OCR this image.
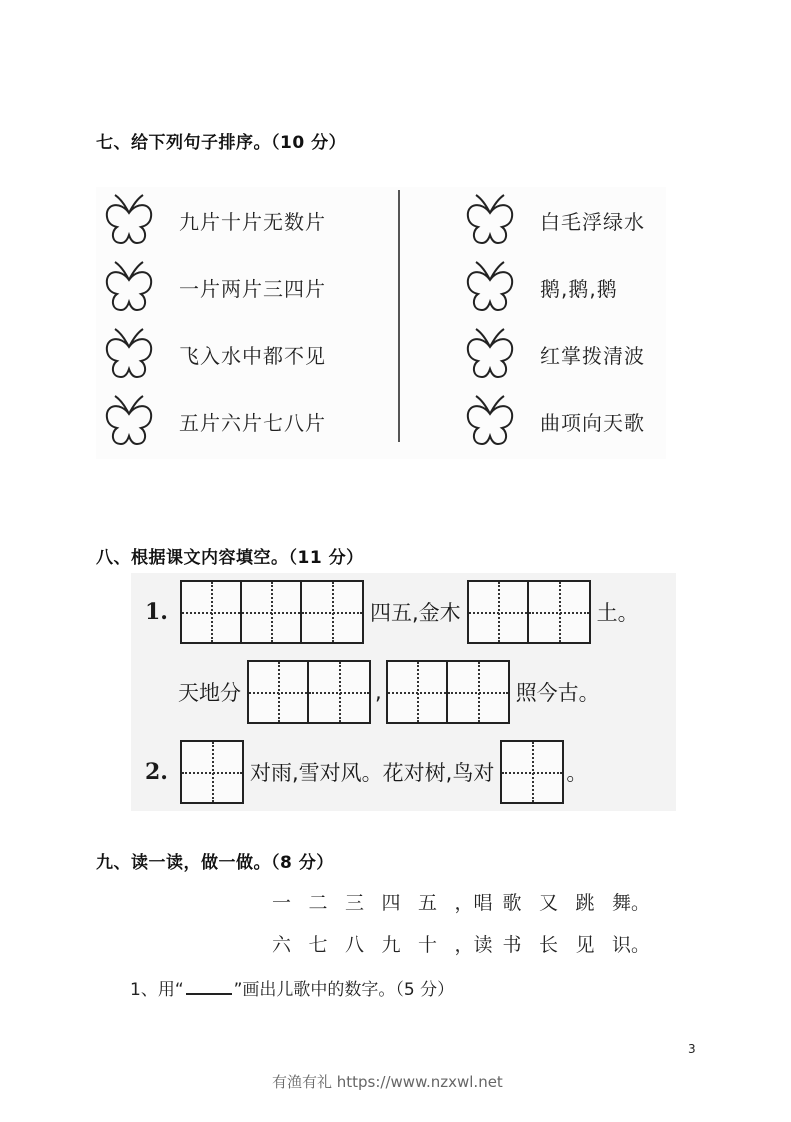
七、给下列句子排序。（10 分）
九片十片无数片
一片两片三四片
飞入水中都不见
五片六片七八片
白毛浮绿水
鹅,鹅,鹅
红掌拨清波
曲项向天歌
八、根据课文内容填空。（11 分）
1.	四五,金木	土。
天地分	,	照今古。
2.	对雨,雪对风。花对树,鸟对	。
九、读一读，做一做。（8 分）
一 二 三 四 五 ，唱 歌 又 跳 舞。
六 七 八 九 十 ，读 书 长 见 识。
1、用“	”画出儿歌中的数字。（5 分）
3
有渔有礼 https://www.nzxwl.net
